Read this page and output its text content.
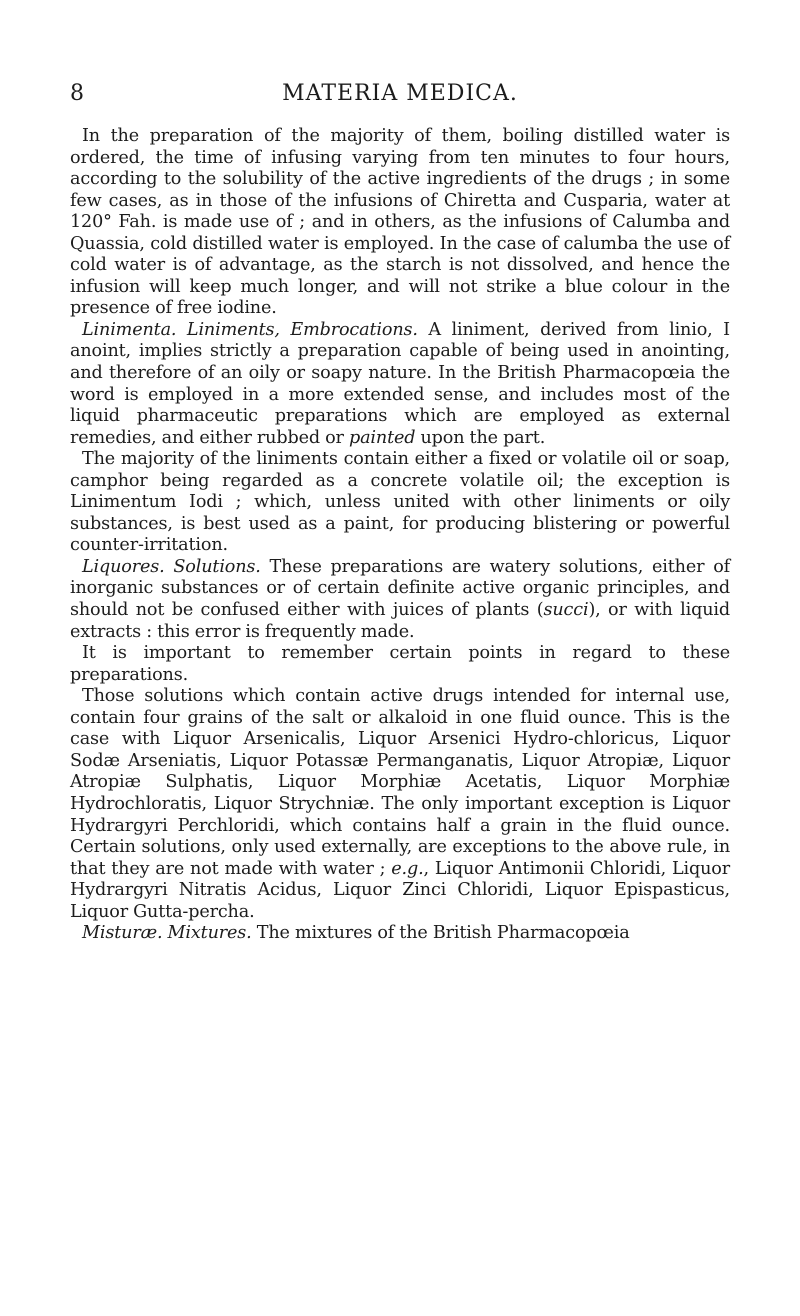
8	MATERIA MEDICA.

In the preparation of the majority of them, boiling distilled water is ordered, the time of infusing varying from ten minutes to four hours, according to the solubility of the active ingredients of the drugs ; in some few cases, as in those of the infusions of Chiretta and Cusparia, water at 120° Fah. is made use of ; and in others, as the infusions of Calumba and Quassia, cold distilled water is employed. In the case of calumba the use of cold water is of advantage, as the starch is not dissolved, and hence the infusion will keep much longer, and will not strike a blue colour in the presence of free iodine.

Linimenta. Liniments, Embrocations. A liniment, derived from linio, I anoint, implies strictly a preparation capable of being used in anointing, and therefore of an oily or soapy nature. In the British Pharmacopœia the word is employed in a more extended sense, and includes most of the liquid pharmaceutic preparations which are employed as external remedies, and either rubbed or painted upon the part.

The majority of the liniments contain either a fixed or volatile oil or soap, camphor being regarded as a concrete volatile oil; the exception is Linimentum Iodi ; which, unless united with other liniments or oily substances, is best used as a paint, for producing blistering or powerful counter-irritation.

Liquores. Solutions. These preparations are watery solutions, either of inorganic substances or of certain definite active organic principles, and should not be confused either with juices of plants (succi), or with liquid extracts : this error is frequently made.

It is important to remember certain points in regard to these preparations.

Those solutions which contain active drugs intended for internal use, contain four grains of the salt or alkaloid in one fluid ounce. This is the case with Liquor Arsenicalis, Liquor Arsenici Hydro-chloricus, Liquor Sodæ Arseniatis, Liquor Potassæ Permanganatis, Liquor Atropiæ, Liquor Atropiæ Sulphatis, Liquor Morphiæ Acetatis, Liquor Morphiæ Hydrochloratis, Liquor Strychniæ. The only important exception is Liquor Hydrargyri Perchloridi, which contains half a grain in the fluid ounce. Certain solutions, only used externally, are exceptions to the above rule, in that they are not made with water ; e.g., Liquor Antimonii Chloridi, Liquor Hydrargyri Nitratis Acidus, Liquor Zinci Chloridi, Liquor Epispasticus, Liquor Gutta-percha.

Misturæ. Mixtures. The mixtures of the British Pharmacopœia
